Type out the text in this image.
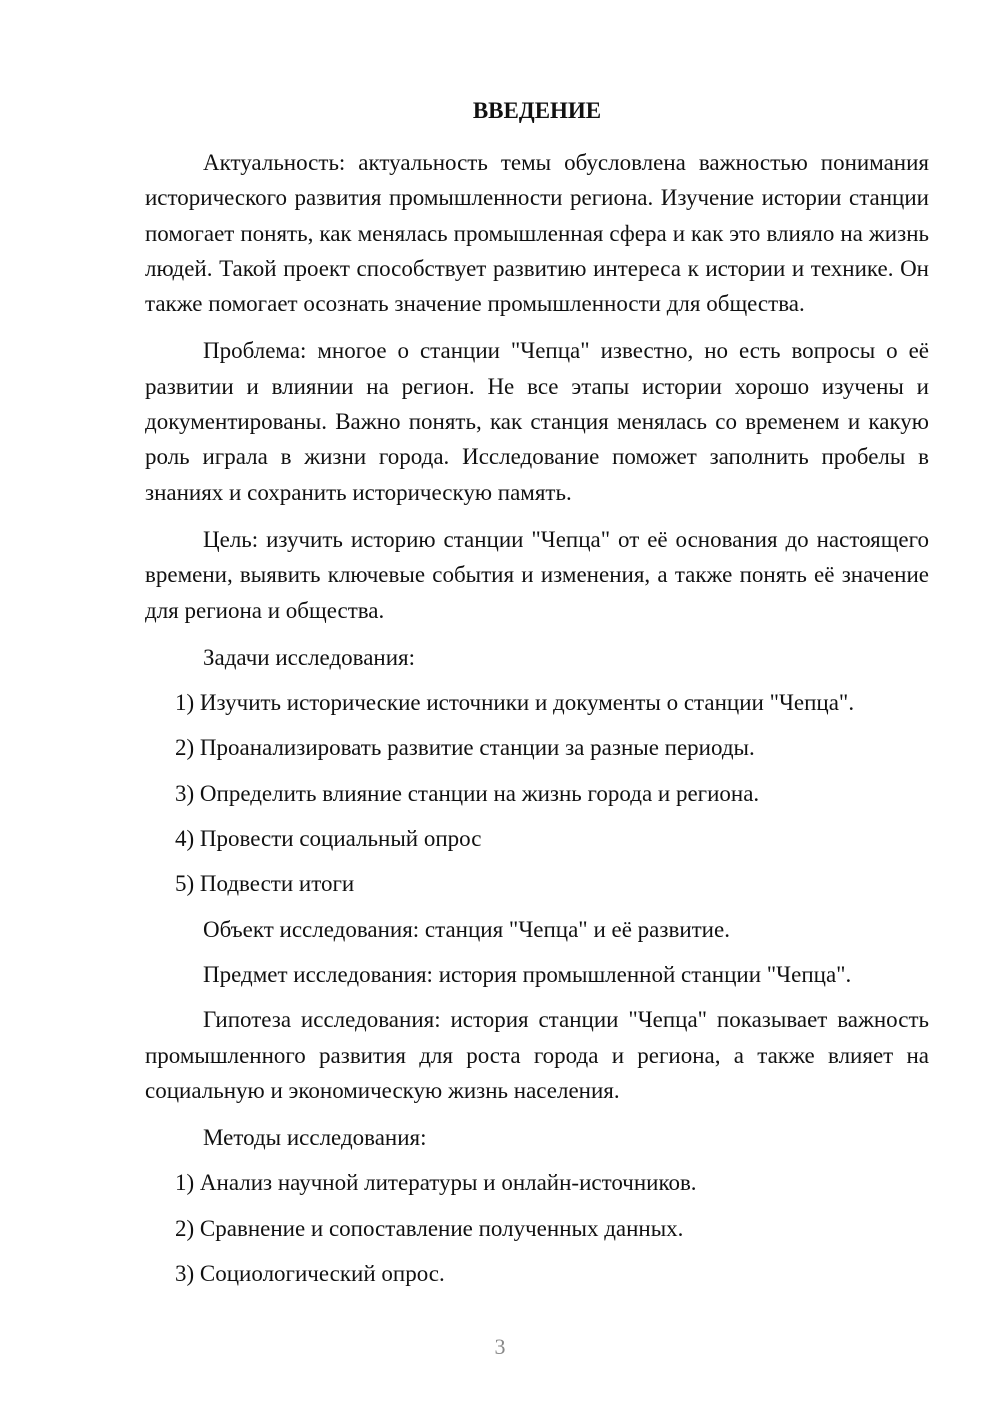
ВВЕДЕНИЕ

Актуальность: актуальность темы обусловлена важностью понимания исторического развития промышленности региона. Изучение истории станции помогает понять, как менялась промышленная сфера и как это влияло на жизнь людей. Такой проект способствует развитию интереса к истории и технике. Он также помогает осознать значение промышленности для общества.

Проблема: многое о станции "Чепца" известно, но есть вопросы о её развитии и влиянии на регион. Не все этапы истории хорошо изучены и документированы. Важно понять, как станция менялась со временем и какую роль играла в жизни города. Исследование поможет заполнить пробелы в знаниях и сохранить историческую память.

Цель: изучить историю станции "Чепца" от её основания до настоящего времени, выявить ключевые события и изменения, а также понять её значение для региона и общества.

Задачи исследования:
1) Изучить исторические источники и документы о станции "Чепца".
2) Проанализировать развитие станции за разные периоды.
3) Определить влияние станции на жизнь города и региона.
4) Провести социальный опрос
5) Подвести итоги
Объект исследования: станция "Чепца" и её развитие.
Предмет исследования: история промышленной станции "Чепца".

Гипотеза исследования: история станции "Чепца" показывает важность промышленного развития для роста города и региона, а также влияет на социальную и экономическую жизнь населения.

Методы исследования:
1) Анализ научной литературы и онлайн-источников.
2) Сравнение и сопоставление полученных данных.
3) Социологический опрос.
3
